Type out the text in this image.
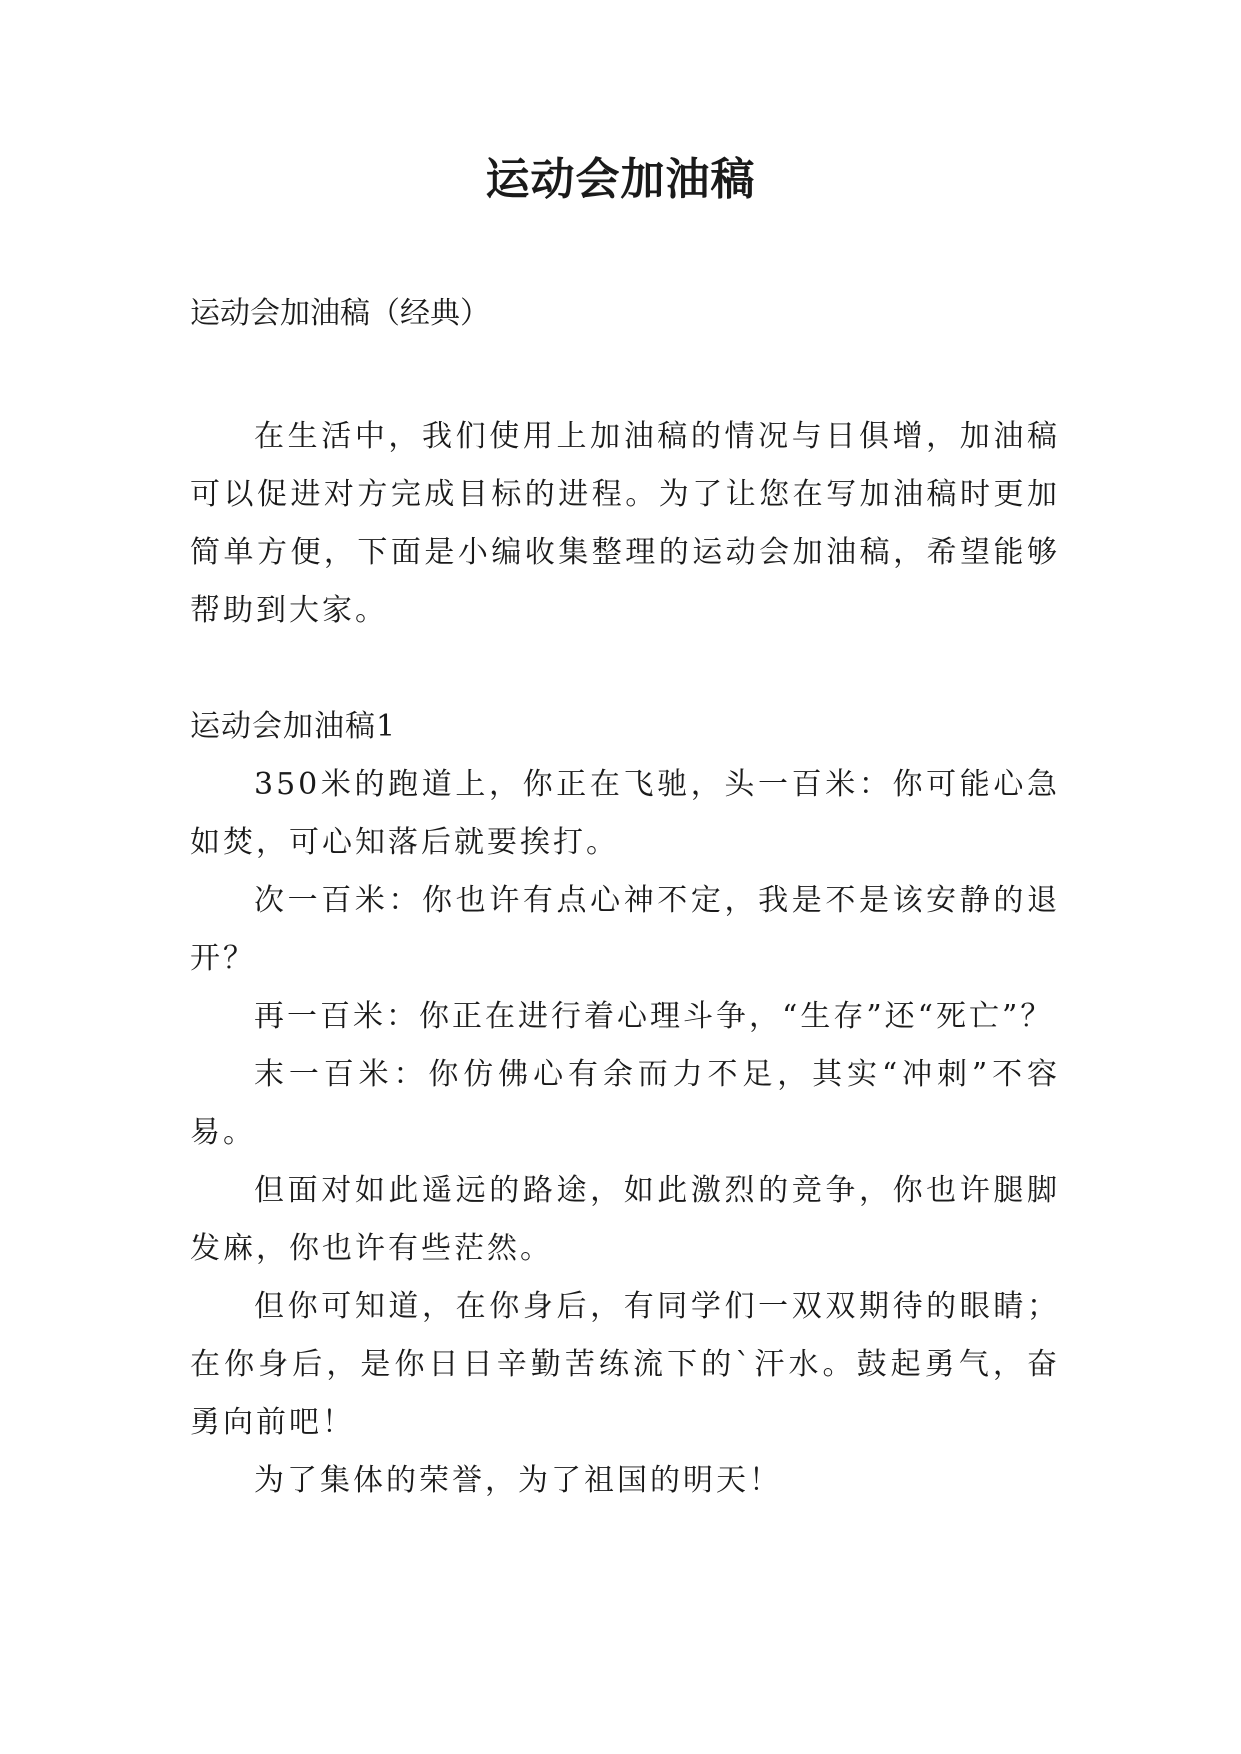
运动会加油稿

运动会加油稿（经典）

在生活中，我们使用上加油稿的情况与日俱增，加油稿可以促进对方完成目标的进程。为了让您在写加油稿时更加简单方便，下面是小编收集整理的运动会加油稿，希望能够帮助到大家。

运动会加油稿1

350米的跑道上，你正在飞驰，头一百米：你可能心急如焚，可心知落后就要挨打。

次一百米：你也许有点心神不定，我是不是该安静的退开？

再一百米：你正在进行着心理斗争，“生存”还“死亡”？

末一百米：你仿佛心有余而力不足，其实“冲刺”不容易。

但面对如此遥远的路途，如此激烈的竞争，你也许腿脚发麻，你也许有些茫然。

但你可知道，在你身后，有同学们一双双期待的眼睛；在你身后，是你日日辛勤苦练流下的`汗水。鼓起勇气，奋勇向前吧！

为了集体的荣誉，为了祖国的明天！
